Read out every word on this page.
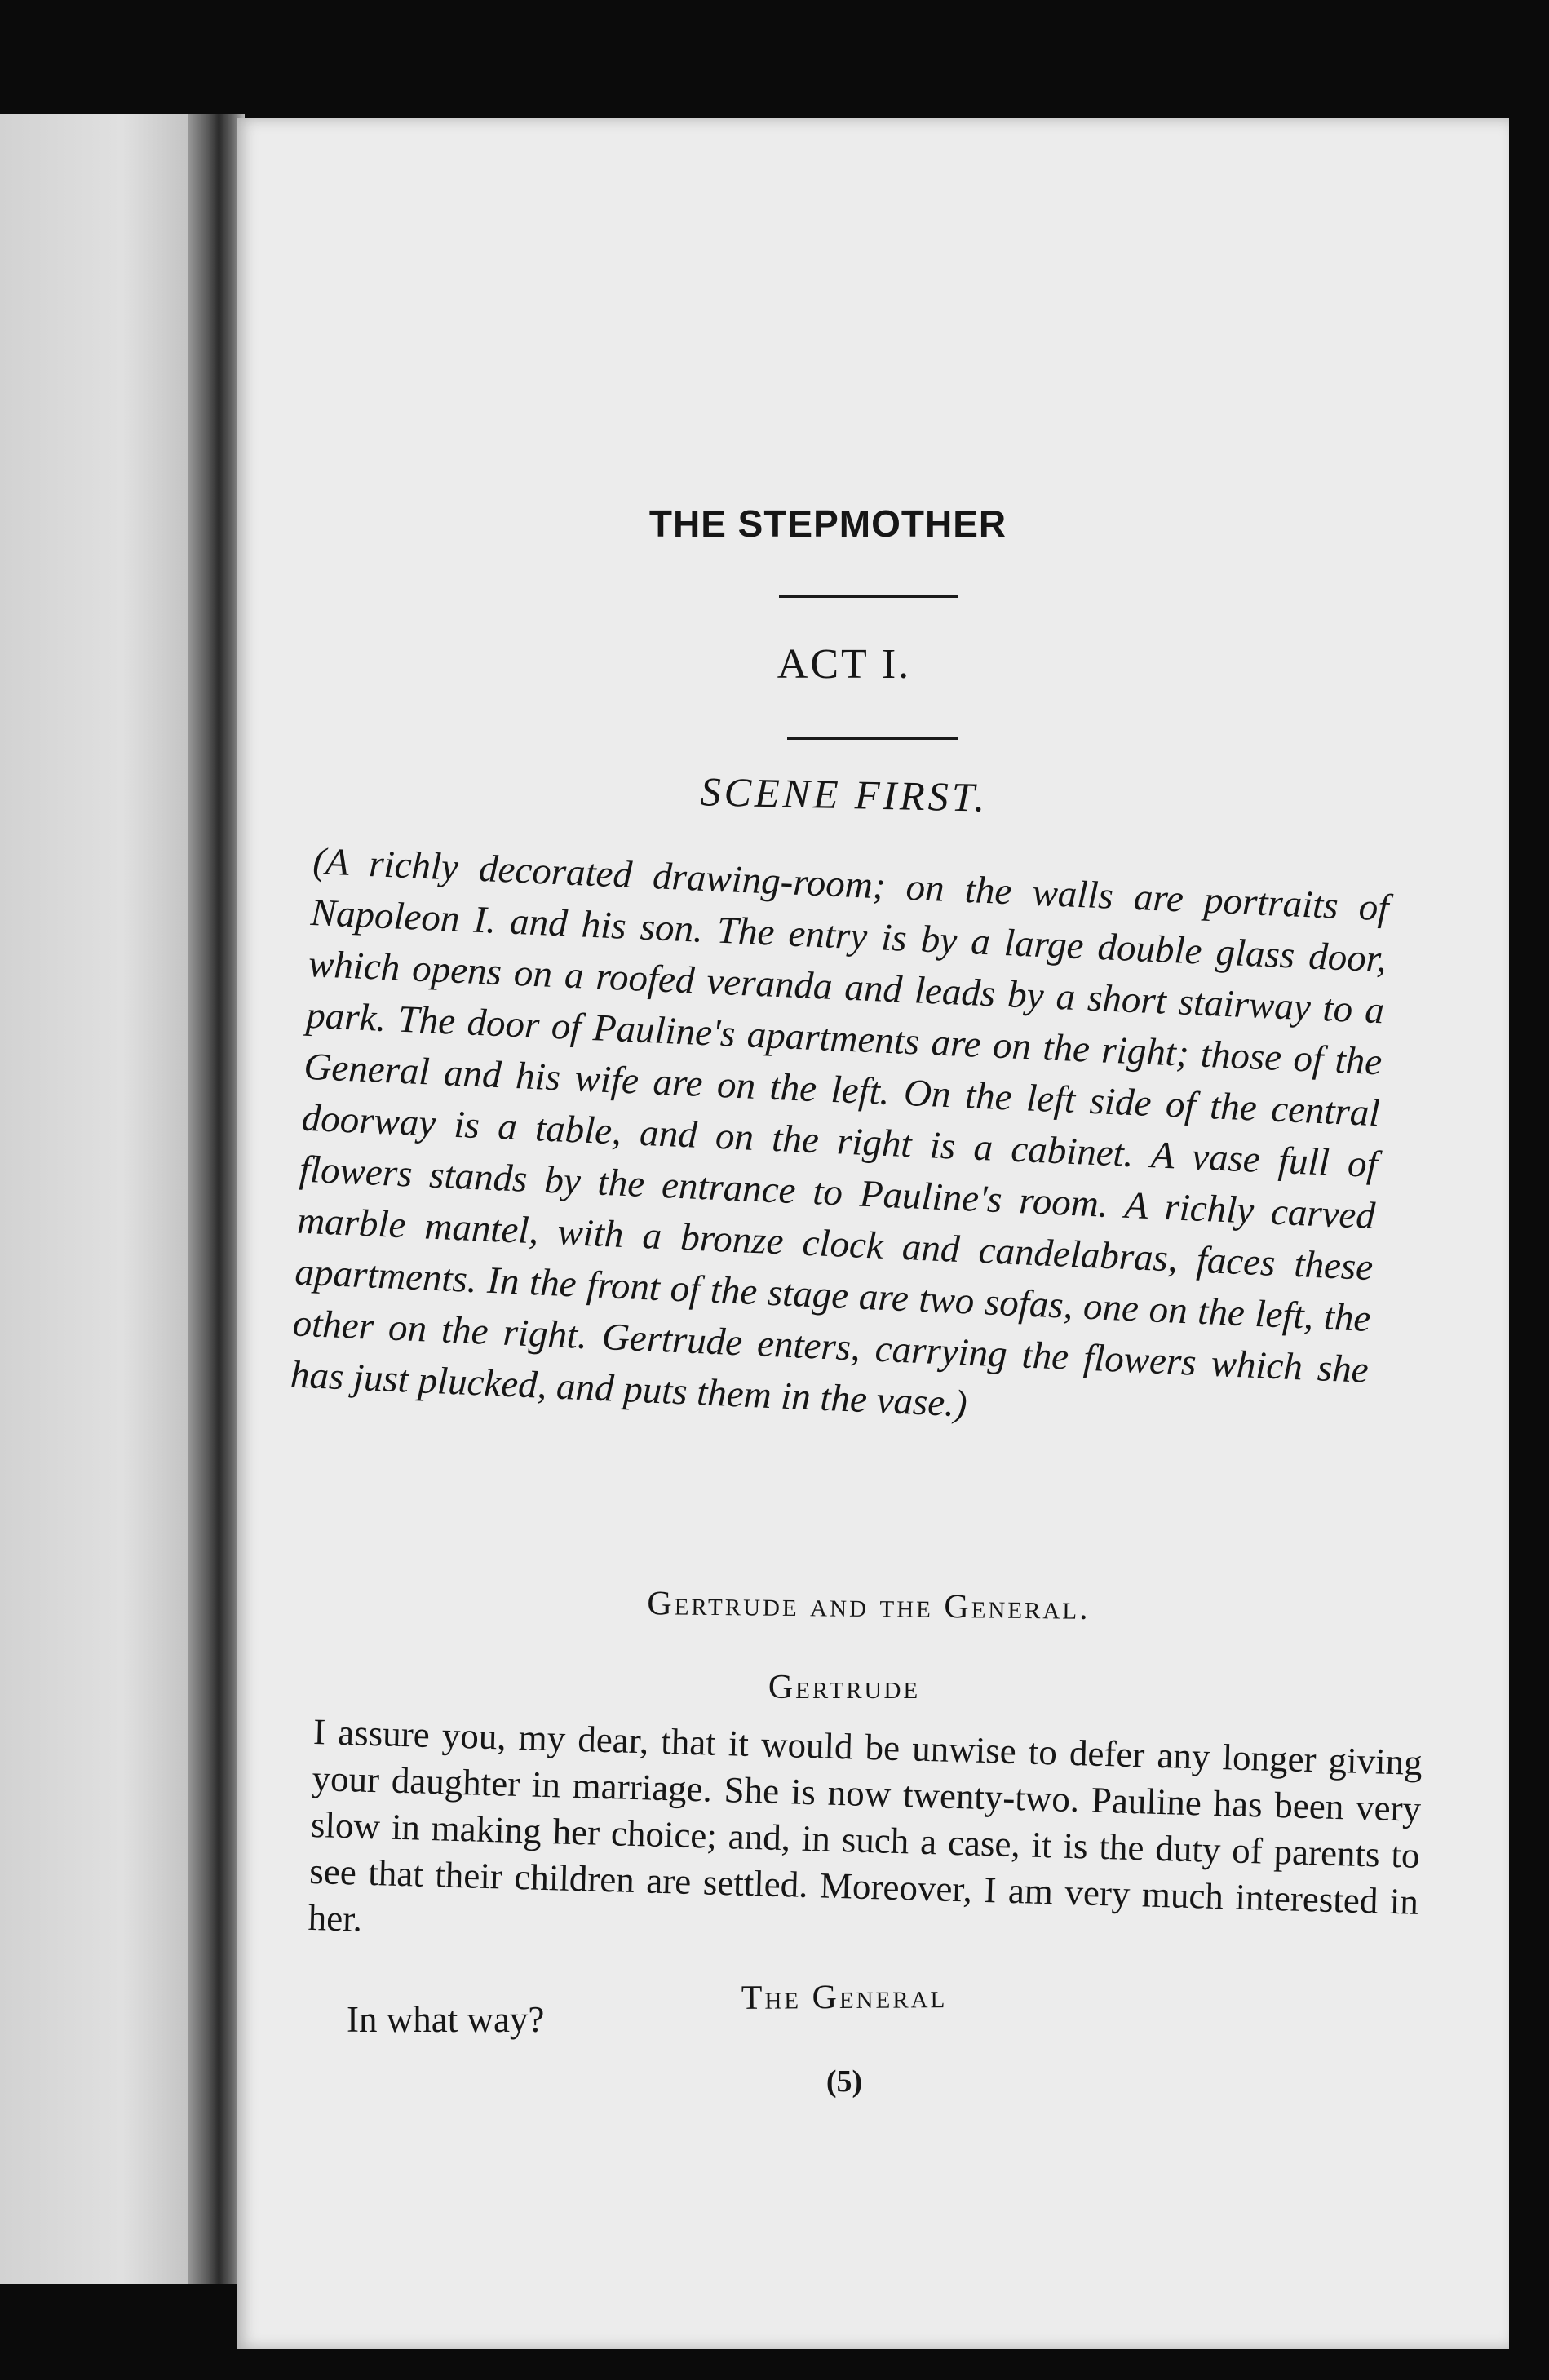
THE STEPMOTHER
ACT I.
SCENE FIRST.

(A richly decorated drawing-room; on the walls are portraits of Napoleon I. and his son. The entry is by a large double glass door, which opens on a roofed veranda and leads by a short stairway to a park. The door of Pauline's apartments are on the right; those of the General and his wife are on the left. On the left side of the central doorway is a table, and on the right is a cabinet. A vase full of flowers stands by the entrance to Pauline's room. A richly carved marble mantel, with a bronze clock and candelabras, faces these apartments. In the front of the stage are two sofas, one on the left, the other on the right. Gertrude enters, carrying the flowers which she has just plucked, and puts them in the vase.)

Gertrude and the General.

Gertrude

I assure you, my dear, that it would be unwise to defer any longer giving your daughter in marriage. She is now twenty-two. Pauline has been very slow in making her choice; and, in such a case, it is the duty of parents to see that their children are settled. Moreover, I am very much interested in her.

The General

In what way?

(5)
